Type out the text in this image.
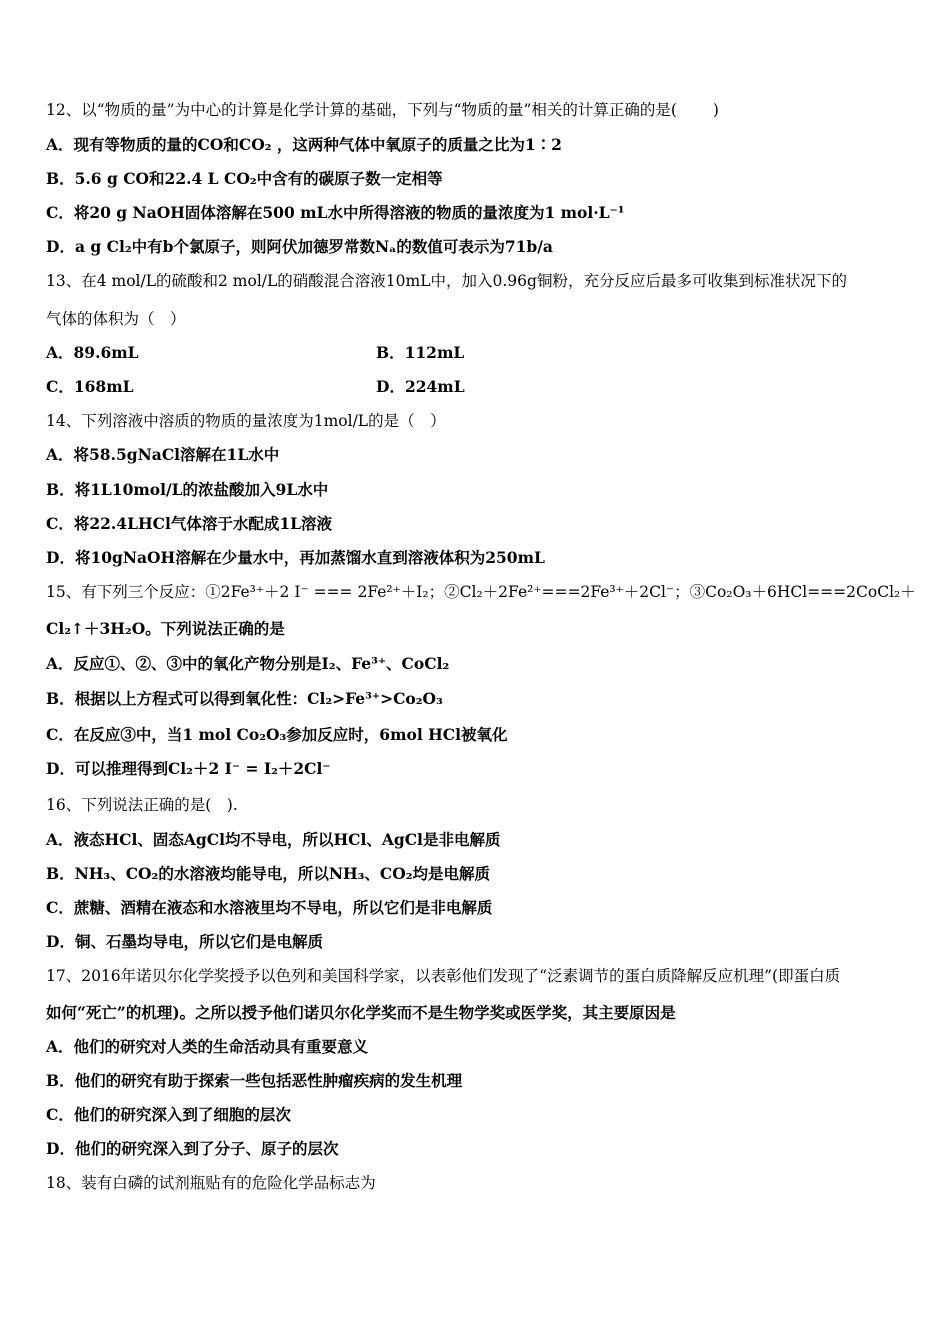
12、以“物质的量”为中心的计算是化学计算的基础，下列与“物质的量”相关的计算正确的是(　　 )
A．现有等物质的量的CO和CO₂ ，这两种气体中氧原子的质量之比为1∶2
B．5.6 g CO和22.4 L CO₂中含有的碳原子数一定相等
C．将20 g NaOH固体溶解在500 mL水中所得溶液的物质的量浓度为1 mol·L⁻¹
D．a g Cl₂中有b个氯原子，则阿伏加德罗常数Nₐ的数值可表示为71b/a
13、在4 mol/L的硫酸和2 mol/L的硝酸混合溶液10mL中，加入0.96g铜粉，充分反应后最多可收集到标准状况下的
气体的体积为（　）
A．89.6mL	B．112mL
C．168mL	D．224mL
14、下列溶液中溶质的物质的量浓度为1mol/L的是（　）
A．将58.5gNaCl溶解在1L水中
B．将1L10mol/L的浓盐酸加入9L水中
C．将22.4LHCl气体溶于水配成1L溶液
D．将10gNaOH溶解在少量水中，再加蒸馏水直到溶液体积为250mL
15、有下列三个反应：①2Fe³⁺＋2 I⁻ === 2Fe²⁺＋I₂；②Cl₂＋2Fe²⁺===2Fe³⁺＋2Cl⁻；③Co₂O₃＋6HCl===2CoCl₂＋
Cl₂↑＋3H₂O。下列说法正确的是
A．反应①、②、③中的氧化产物分别是I₂、Fe³⁺、CoCl₂
B．根据以上方程式可以得到氧化性：Cl₂>Fe³⁺>Co₂O₃
C．在反应③中，当1 mol Co₂O₃参加反应时，6mol HCl被氧化
D．可以推理得到Cl₂＋2 I⁻ = I₂＋2Cl⁻
16、下列说法正确的是(　).
A．液态HCl、固态AgCl均不导电，所以HCl、AgCl是非电解质
B．NH₃、CO₂的水溶液均能导电，所以NH₃、CO₂均是电解质
C．蔗糖、酒精在液态和水溶液里均不导电，所以它们是非电解质
D．铜、石墨均导电，所以它们是电解质
17、2016年诺贝尔化学奖授予以色列和美国科学家，以表彰他们发现了“泛素调节的蛋白质降解反应机理”(即蛋白质
如何“死亡”的机理)。之所以授予他们诺贝尔化学奖而不是生物学奖或医学奖，其主要原因是
A．他们的研究对人类的生命活动具有重要意义
B．他们的研究有助于探索一些包括恶性肿瘤疾病的发生机理
C．他们的研究深入到了细胞的层次
D．他们的研究深入到了分子、原子的层次
18、装有白磷的试剂瓶贴有的危险化学品标志为
